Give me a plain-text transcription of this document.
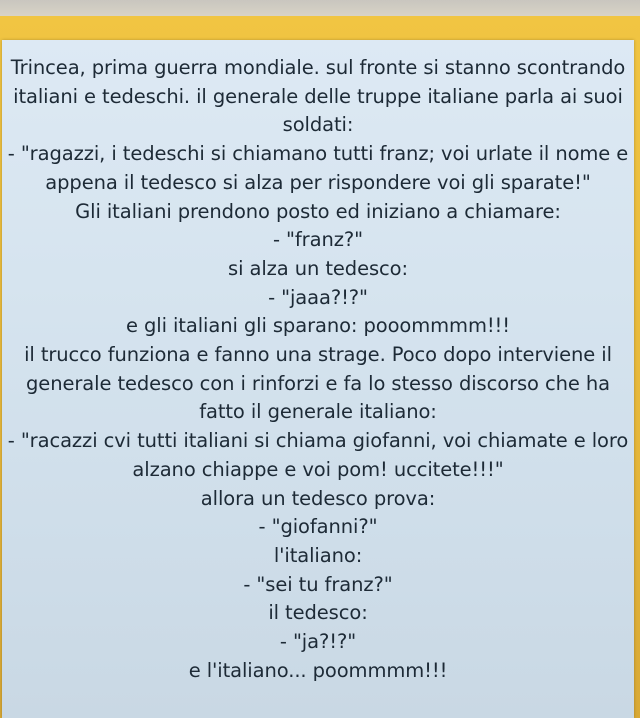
Trincea, prima guerra mondiale. sul fronte si stanno scontrando
italiani e tedeschi. il generale delle truppe italiane parla ai suoi
soldati:
- "ragazzi, i tedeschi si chiamano tutti franz; voi urlate il nome e
appena il tedesco si alza per rispondere voi gli sparate!"
Gli italiani prendono posto ed iniziano a chiamare:
- "franz?"
si alza un tedesco:
- "jaaa?!?"
e gli italiani gli sparano: pooommmm!!!
il trucco funziona e fanno una strage. Poco dopo interviene il
generale tedesco con i rinforzi e fa lo stesso discorso che ha
fatto il generale italiano:
- "racazzi cvi tutti italiani si chiama giofanni, voi chiamate e loro
alzano chiappe e voi pom! uccitete!!!"
allora un tedesco prova:
- "giofanni?"
l'italiano:
- "sei tu franz?"
il tedesco:
- "ja?!?"
e l'italiano... poommmm!!!
